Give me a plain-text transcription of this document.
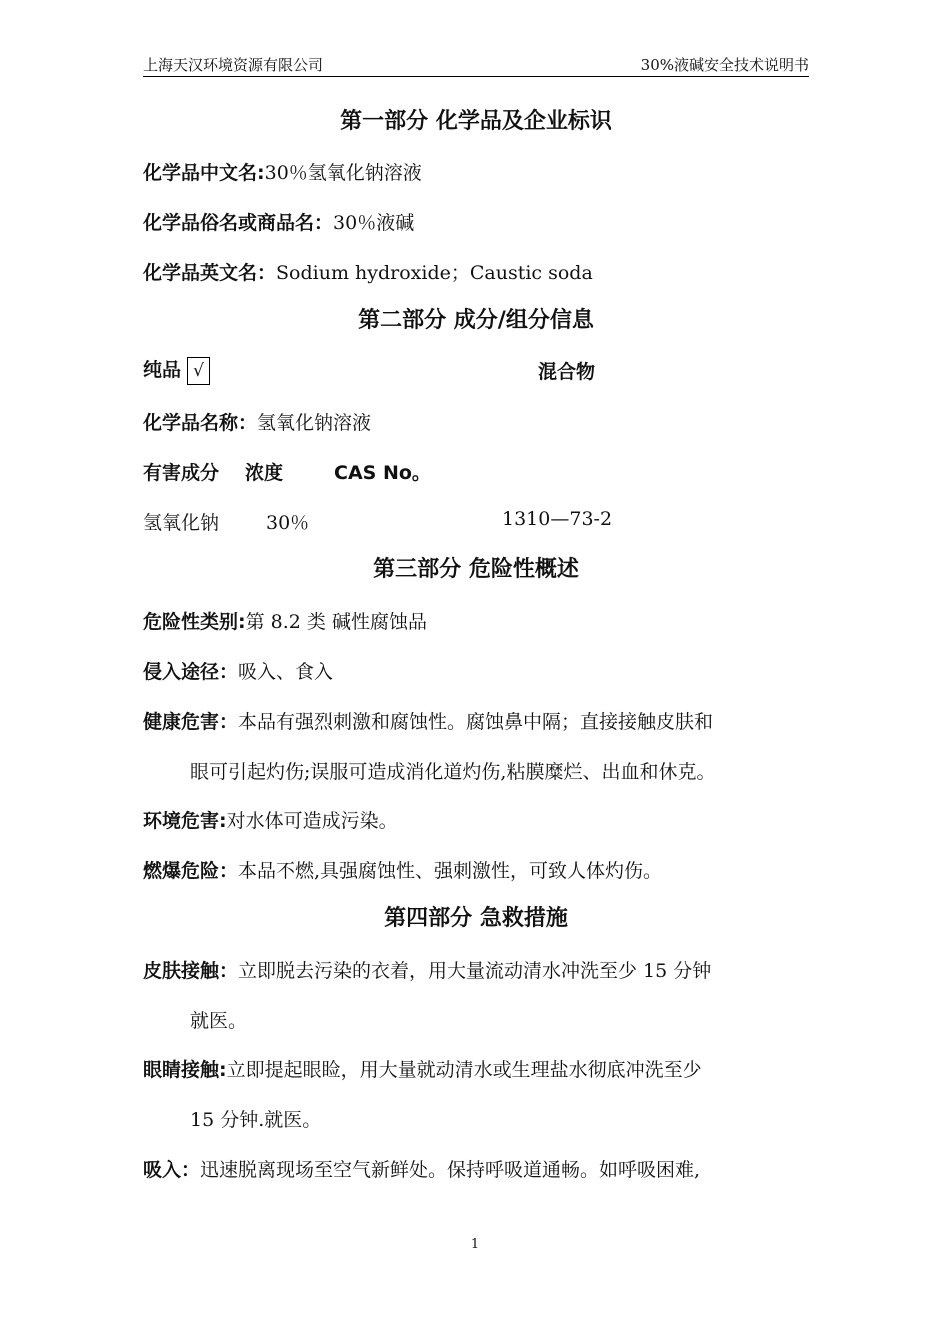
上海天汉环境资源有限公司	30%液碱安全技术说明书
第一部分 化学品及企业标识
化学品中文名:30％氢氧化钠溶液
化学品俗名或商品名：30％液碱
化学品英文名：Sodium hydroxide；Caustic soda
第二部分 成分/组分信息
纯品 √	混合物
化学品名称：氢氧化钠溶液
有害成分 浓度	CAS No。
氢氧化钠 30％	1310—73-2
第三部分 危险性概述
危险性类别:第 8.2 类 碱性腐蚀品
侵入途径：吸入、食入
健康危害：本品有强烈刺激和腐蚀性。腐蚀鼻中隔；直接接触皮肤和
眼可引起灼伤;误服可造成消化道灼伤,粘膜糜烂、出血和休克。
环境危害:对水体可造成污染。
燃爆危险：本品不燃,具强腐蚀性、强刺激性，可致人体灼伤。
第四部分 急救措施
皮肤接触：立即脱去污染的衣着，用大量流动清水冲洗至少 15 分钟
就医。
眼睛接触:立即提起眼睑，用大量就动清水或生理盐水彻底冲洗至少
15 分钟.就医。
吸入：迅速脱离现场至空气新鲜处。保持呼吸道通畅。如呼吸困难,
1
